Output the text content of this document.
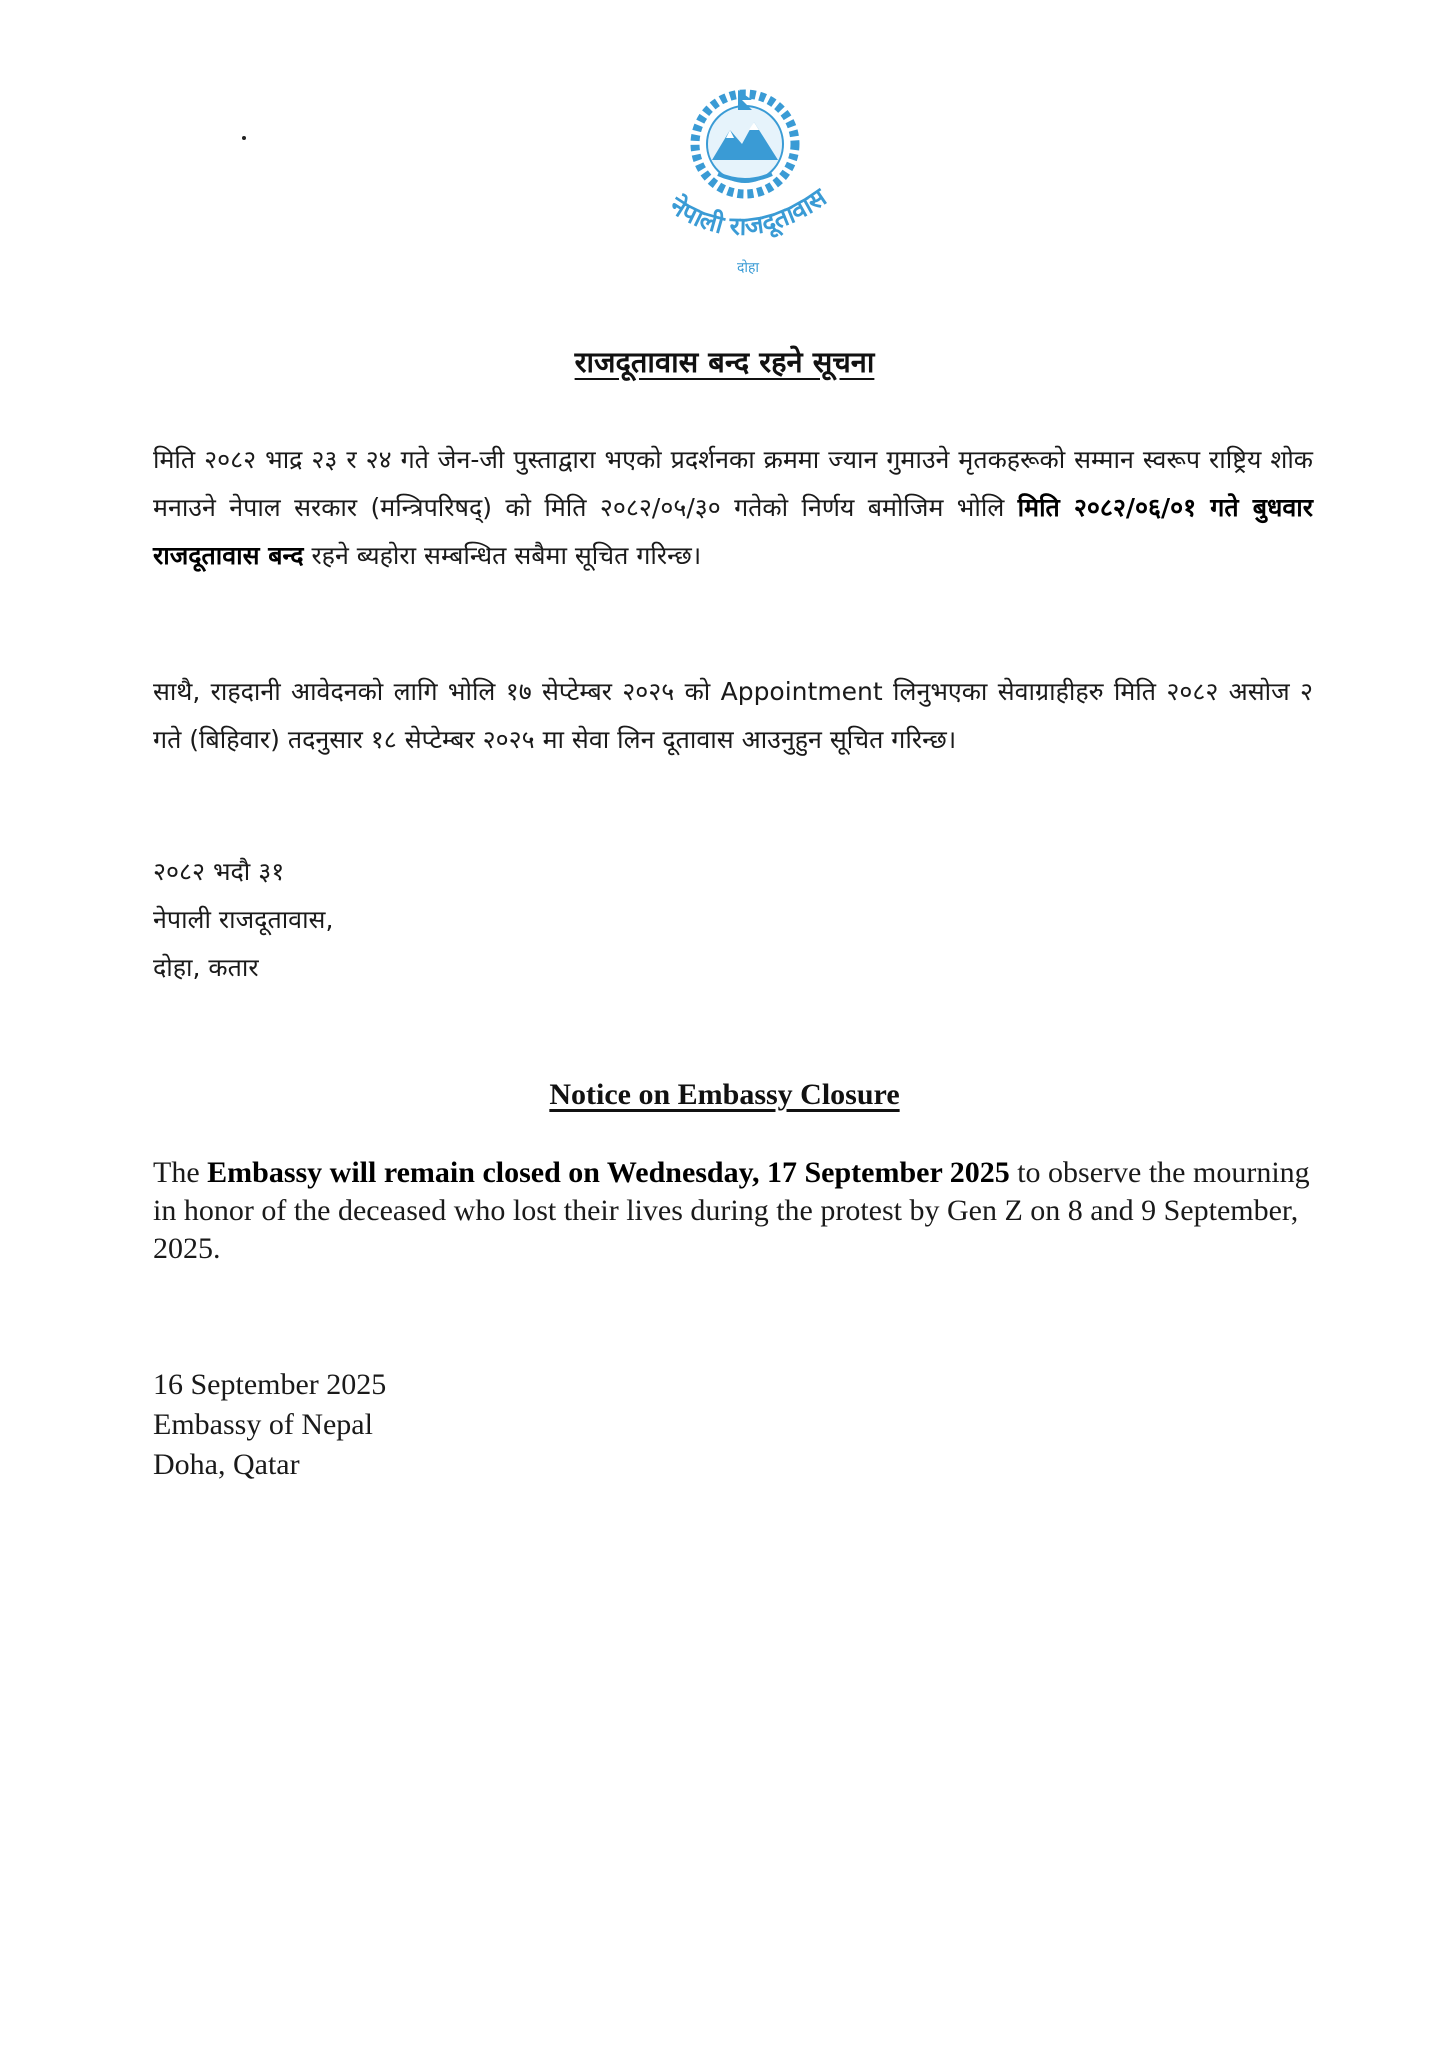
नेपाली राजदूतावास
दोहा
राजदूतावास बन्द रहने सूचना

मिति २०८२ भाद्र २३ र २४ गते जेन-जी पुस्ताद्वारा भएको प्रदर्शनका क्रममा ज्यान गुमाउने मृतकहरूको सम्मान स्वरूप राष्ट्रिय शोक मनाउने नेपाल सरकार (मन्त्रिपरिषद्) को मिति २०८२/०५/३० गतेको निर्णय बमोजिम भोलि मिति २०८२/०६/०१ गते बुधवार राजदूतावास बन्द रहने ब्यहोरा सम्बन्धित सबैमा सूचित गरिन्छ।

साथै, राहदानी आवेदनको लागि भोलि १७ सेप्टेम्बर २०२५ को Appointment लिनुभएका सेवाग्राहीहरु मिति २०८२ असोज २ गते (बिहिवार) तदनुसार १८ सेप्टेम्बर २०२५ मा सेवा लिन दूतावास आउनुहुन सूचित गरिन्छ।

२०८२ भदौ ३१
नेपाली राजदूतावास,
दोहा, कतार
Notice on Embassy Closure

The Embassy will remain closed on Wednesday, 17 September 2025 to observe the mourning in honor of the deceased who lost their lives during the protest by Gen Z on 8 and 9 September, 2025.

16 September 2025
Embassy of Nepal
Doha, Qatar
